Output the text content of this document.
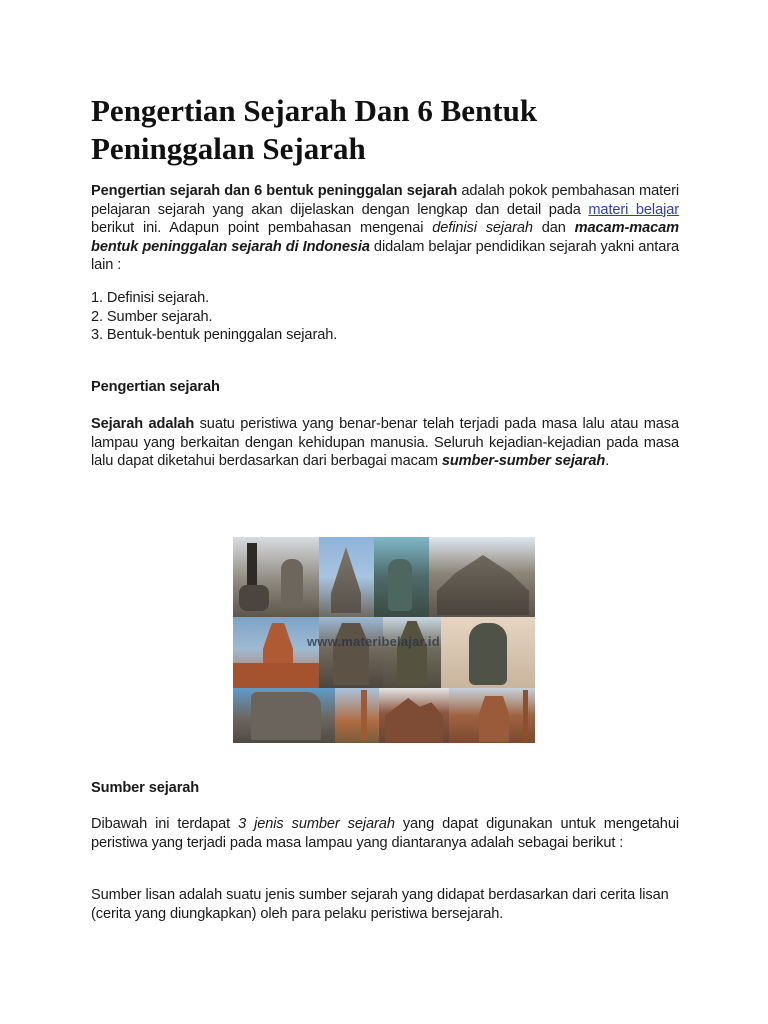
Pengertian Sejarah Dan 6 Bentuk
Peninggalan Sejarah

Pengertian sejarah dan 6 bentuk peninggalan sejarah adalah pokok pembahasan materi pelajaran sejarah yang akan dijelaskan dengan lengkap dan detail pada materi belajar berikut ini. Adapun point pembahasan mengenai definisi sejarah dan macam-macam bentuk peninggalan sejarah di Indonesia didalam belajar pendidikan sejarah yakni antara lain :

1. Definisi sejarah.
2. Sumber sejarah.
3. Bentuk-bentuk peninggalan sejarah.

Pengertian sejarah

Sejarah adalah suatu peristiwa yang benar-benar telah terjadi pada masa lalu atau masa lampau yang berkaitan dengan kehidupan manusia. Seluruh kejadian-kejadian pada masa lalu dapat diketahui berdasarkan dari berbagai macam sumber-sumber sejarah.

www.materibelajar.id

Sumber sejarah

Dibawah ini terdapat 3 jenis sumber sejarah yang dapat digunakan untuk mengetahui peristiwa yang terjadi pada masa lampau yang diantaranya adalah sebagai berikut :

Sumber lisan adalah suatu jenis sumber sejarah yang didapat berdasarkan dari cerita lisan (cerita yang diungkapkan) oleh para pelaku peristiwa bersejarah.
